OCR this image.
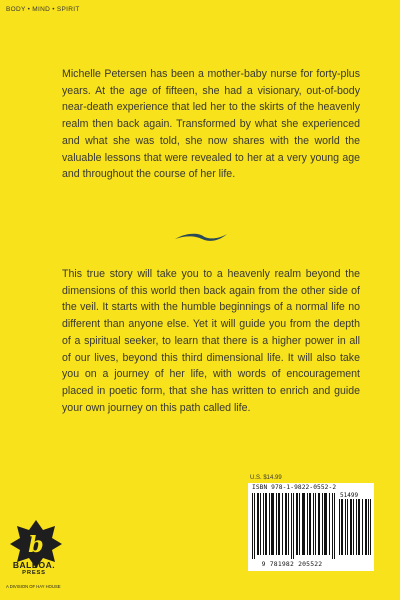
BODY • MIND • SPIRIT

Michelle Petersen has been a mother-baby nurse for forty-plus years. At the age of fifteen, she had a visionary, out-of-body near-death experience that led her to the skirts of the heavenly realm then back again. Transformed by what she experienced and what she was told, she now shares with the world the valuable lessons that were revealed to her at a very young age and throughout the course of her life.

This true story will take you to a heavenly realm beyond the dimensions of this world then back again from the other side of the veil. It starts with the humble beginnings of a normal life no different than anyone else. Yet it will guide you from the depth of a spiritual seeker, to learn that there is a higher power in all of our lives, beyond this third dimensional life. It will also take you on a journey of her life, with words of encouragement placed in poetic form, that she has written to enrich and guide your own journey on this path called life.

U.S. $14.99
ISBN 978-1-9822-0552-2
51499
9 781982 205522
b
BALBOA.
PRESS
A DIVISION OF HAY HOUSE
